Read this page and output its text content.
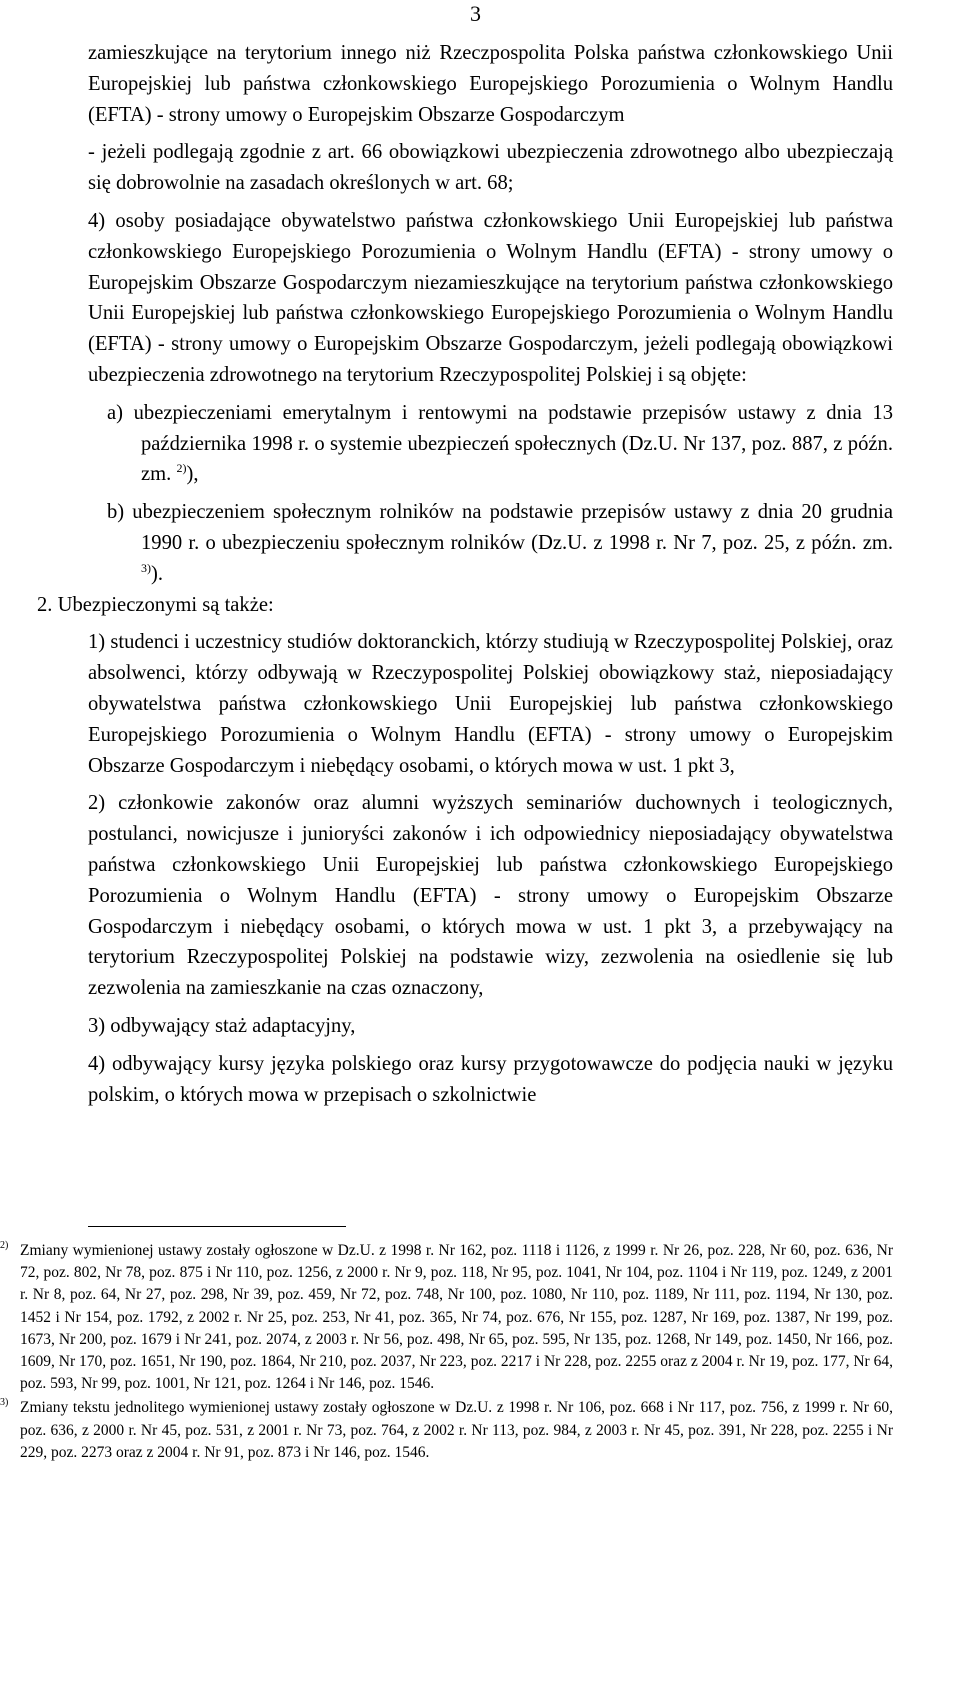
3

zamieszkujące na terytorium innego niż Rzeczpospolita Polska państwa członkowskiego Unii Europejskiej lub państwa członkowskiego Europejskiego Porozumienia o Wolnym Handlu (EFTA) - strony umowy o Europejskim Obszarze Gospodarczym

- jeżeli podlegają zgodnie z art. 66 obowiązkowi ubezpieczenia zdrowotnego albo ubezpieczają się dobrowolnie na zasadach określonych w art. 68;

4) osoby posiadające obywatelstwo państwa członkowskiego Unii Europejskiej lub państwa członkowskiego Europejskiego Porozumienia o Wolnym Handlu (EFTA) - strony umowy o Europejskim Obszarze Gospodarczym niezamieszkujące na terytorium państwa członkowskiego Unii Europejskiej lub państwa członkowskiego Europejskiego Porozumienia o Wolnym Handlu (EFTA) - strony umowy o Europejskim Obszarze Gospodarczym, jeżeli podlegają obowiązkowi ubezpieczenia zdrowotnego na terytorium Rzeczypospolitej Polskiej i są objęte:

a) ubezpieczeniami emerytalnym i rentowymi na podstawie przepisów ustawy z dnia 13 października 1998 r. o systemie ubezpieczeń społecznych (Dz.U. Nr 137, poz. 887, z późn. zm. $^{2)}$),

b) ubezpieczeniem społecznym rolników na podstawie przepisów ustawy z dnia 20 grudnia 1990 r. o ubezpieczeniu społecznym rolników (Dz.U. z 1998 r. Nr 7, poz. 25, z późn. zm. $^{3)}$).

2. Ubezpieczonymi są także:

1) studenci i uczestnicy studiów doktoranckich, którzy studiują w Rzeczypospolitej Polskiej, oraz absolwenci, którzy odbywają w Rzeczypospolitej Polskiej obowiązkowy staż, nieposiadający obywatelstwa państwa członkowskiego Unii Europejskiej lub państwa członkowskiego Europejskiego Porozumienia o Wolnym Handlu (EFTA) - strony umowy o Europejskim Obszarze Gospodarczym i niebędący osobami, o których mowa w ust. 1 pkt 3,

2) członkowie zakonów oraz alumni wyższych seminariów duchownych i teologicznych, postulanci, nowicjusze i junioryści zakonów i ich odpowiednicy nieposiadający obywatelstwa państwa członkowskiego Unii Europejskiej lub państwa członkowskiego Europejskiego Porozumienia o Wolnym Handlu (EFTA) - strony umowy o Europejskim Obszarze Gospodarczym i niebędący osobami, o których mowa w ust. 1 pkt 3, a przebywający na terytorium Rzeczypospolitej Polskiej na podstawie wizy, zezwolenia na osiedlenie się lub zezwolenia na zamieszkanie na czas oznaczony,

3) odbywający staż adaptacyjny,

4) odbywający kursy języka polskiego oraz kursy przygotowawcze do podjęcia nauki w języku polskim, o których mowa w przepisach o szkolnictwie

2) Zmiany wymienionej ustawy zostały ogłoszone w Dz.U. z 1998 r. Nr 162, poz. 1118 i 1126, z 1999 r. Nr 26, poz. 228, Nr 60, poz. 636, Nr 72, poz. 802, Nr 78, poz. 875 i Nr 110, poz. 1256, z 2000 r. Nr 9, poz. 118, Nr 95, poz. 1041, Nr 104, poz. 1104 i Nr 119, poz. 1249, z 2001 r. Nr 8, poz. 64, Nr 27, poz. 298, Nr 39, poz. 459, Nr 72, poz. 748, Nr 100, poz. 1080, Nr 110, poz. 1189, Nr 111, poz. 1194, Nr 130, poz. 1452 i Nr 154, poz. 1792, z 2002 r. Nr 25, poz. 253, Nr 41, poz. 365, Nr 74, poz. 676, Nr 155, poz. 1287, Nr 169, poz. 1387, Nr 199, poz. 1673, Nr 200, poz. 1679 i Nr 241, poz. 2074, z 2003 r. Nr 56, poz. 498, Nr 65, poz. 595, Nr 135, poz. 1268, Nr 149, poz. 1450, Nr 166, poz. 1609, Nr 170, poz. 1651, Nr 190, poz. 1864, Nr 210, poz. 2037, Nr 223, poz. 2217 i Nr 228, poz. 2255 oraz z 2004 r. Nr 19, poz. 177, Nr 64, poz. 593, Nr 99, poz. 1001, Nr 121, poz. 1264 i Nr 146, poz. 1546.

3) Zmiany tekstu jednolitego wymienionej ustawy zostały ogłoszone w Dz.U. z 1998 r. Nr 106, poz. 668 i Nr 117, poz. 756, z 1999 r. Nr 60, poz. 636, z 2000 r. Nr 45, poz. 531, z 2001 r. Nr 73, poz. 764, z 2002 r. Nr 113, poz. 984, z 2003 r. Nr 45, poz. 391, Nr 228, poz. 2255 i Nr 229, poz. 2273 oraz z 2004 r. Nr 91, poz. 873 i Nr 146, poz. 1546.
